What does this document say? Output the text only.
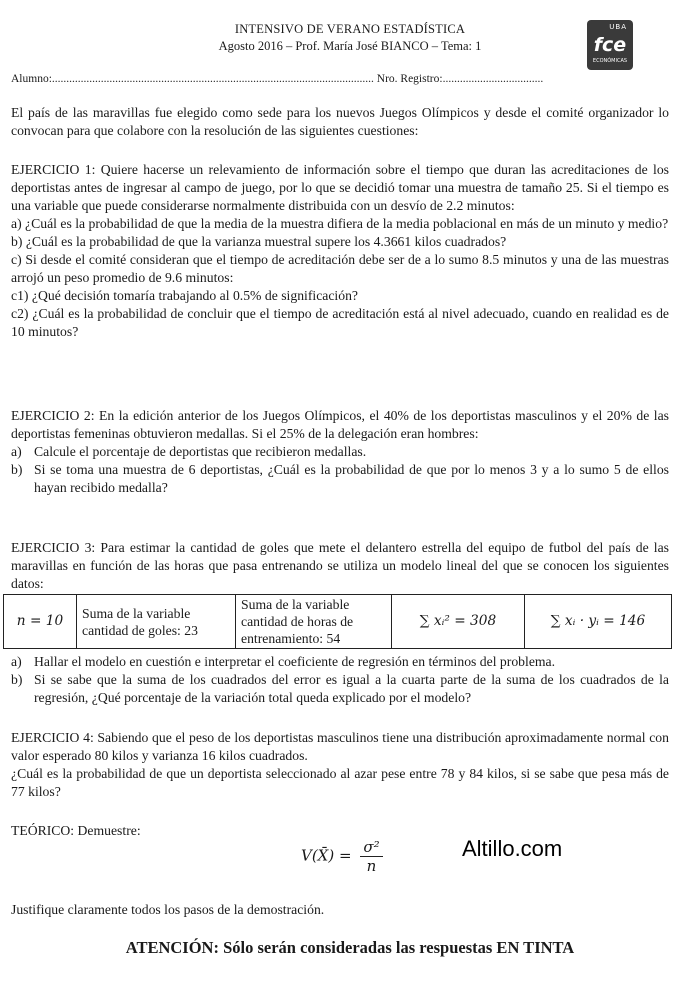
INTENSIVO DE VERANO ESTADÍSTICA
Agosto 2016 – Prof. María José BIANCO – Tema: 1
UBA
fce
ECONÓMICAS
Alumno:................................................................................................................ Nro. Registro:...................................
El país de las maravillas fue elegido como sede para los nuevos Juegos Olímpicos y desde el comité organizador lo convocan para que colabore con la resolución de las siguientes cuestiones:
EJERCICIO 1: Quiere hacerse un relevamiento de información sobre el tiempo que duran las acreditaciones de los deportistas antes de ingresar al campo de juego, por lo que se decidió tomar una muestra de tamaño 25. Si el tiempo es una variable que puede considerarse normalmente distribuida con un desvío de 2.2 minutos:
a) ¿Cuál es la probabilidad de que la media de la muestra difiera de la media poblacional en más de un minuto y medio?
b) ¿Cuál es la probabilidad de que la varianza muestral supere los 4.3661 kilos cuadrados?
c) Si desde el comité consideran que el tiempo de acreditación debe ser de a lo sumo 8.5 minutos y una de las muestras arrojó un peso promedio de 9.6 minutos:
c1) ¿Qué decisión tomaría trabajando al 0.5% de significación?
c2) ¿Cuál es la probabilidad de concluir que el tiempo de acreditación está al nivel adecuado, cuando en realidad es de 10 minutos?
EJERCICIO 2: En la edición anterior de los Juegos Olímpicos, el 40% de los deportistas masculinos y el 20% de las deportistas femeninas obtuvieron medallas. Si el 25% de la delegación eran hombres:
a) Calcule el porcentaje de deportistas que recibieron medallas.
b) Si se toma una muestra de 6 deportistas, ¿Cuál es la probabilidad de que por lo menos 3 y a lo sumo 5 de ellos hayan recibido medalla?
EJERCICIO 3: Para estimar la cantidad de goles que mete el delantero estrella del equipo de futbol del país de las maravillas en función de las horas que pasa entrenando se utiliza un modelo lineal del que se conocen los siguientes datos:
n = 10	Suma de la variable cantidad de goles: 23	Suma de la variable cantidad de horas de entrenamiento: 54	∑ xᵢ² = 308	∑ xᵢ · yᵢ = 146
a) Hallar el modelo en cuestión e interpretar el coeficiente de regresión en términos del problema.
b) Si se sabe que la suma de los cuadrados del error es igual a la cuarta parte de la suma de los cuadrados de la regresión, ¿Qué porcentaje de la variación total queda explicado por el modelo?
EJERCICIO 4: Sabiendo que el peso de los deportistas masculinos tiene una distribución aproximadamente normal con valor esperado 80 kilos y varianza 16 kilos cuadrados.
¿Cuál es la probabilidad de que un deportista seleccionado al azar pese entre 78 y 84 kilos, si se sabe que pesa más de 77 kilos?
TEÓRICO: Demuestre:
V(X̄) = $\frac{\text{σ²}}{n}$	Altillo.com
Justifique claramente todos los pasos de la demostración.
ATENCIÓN: Sólo serán consideradas las respuestas EN TINTA
